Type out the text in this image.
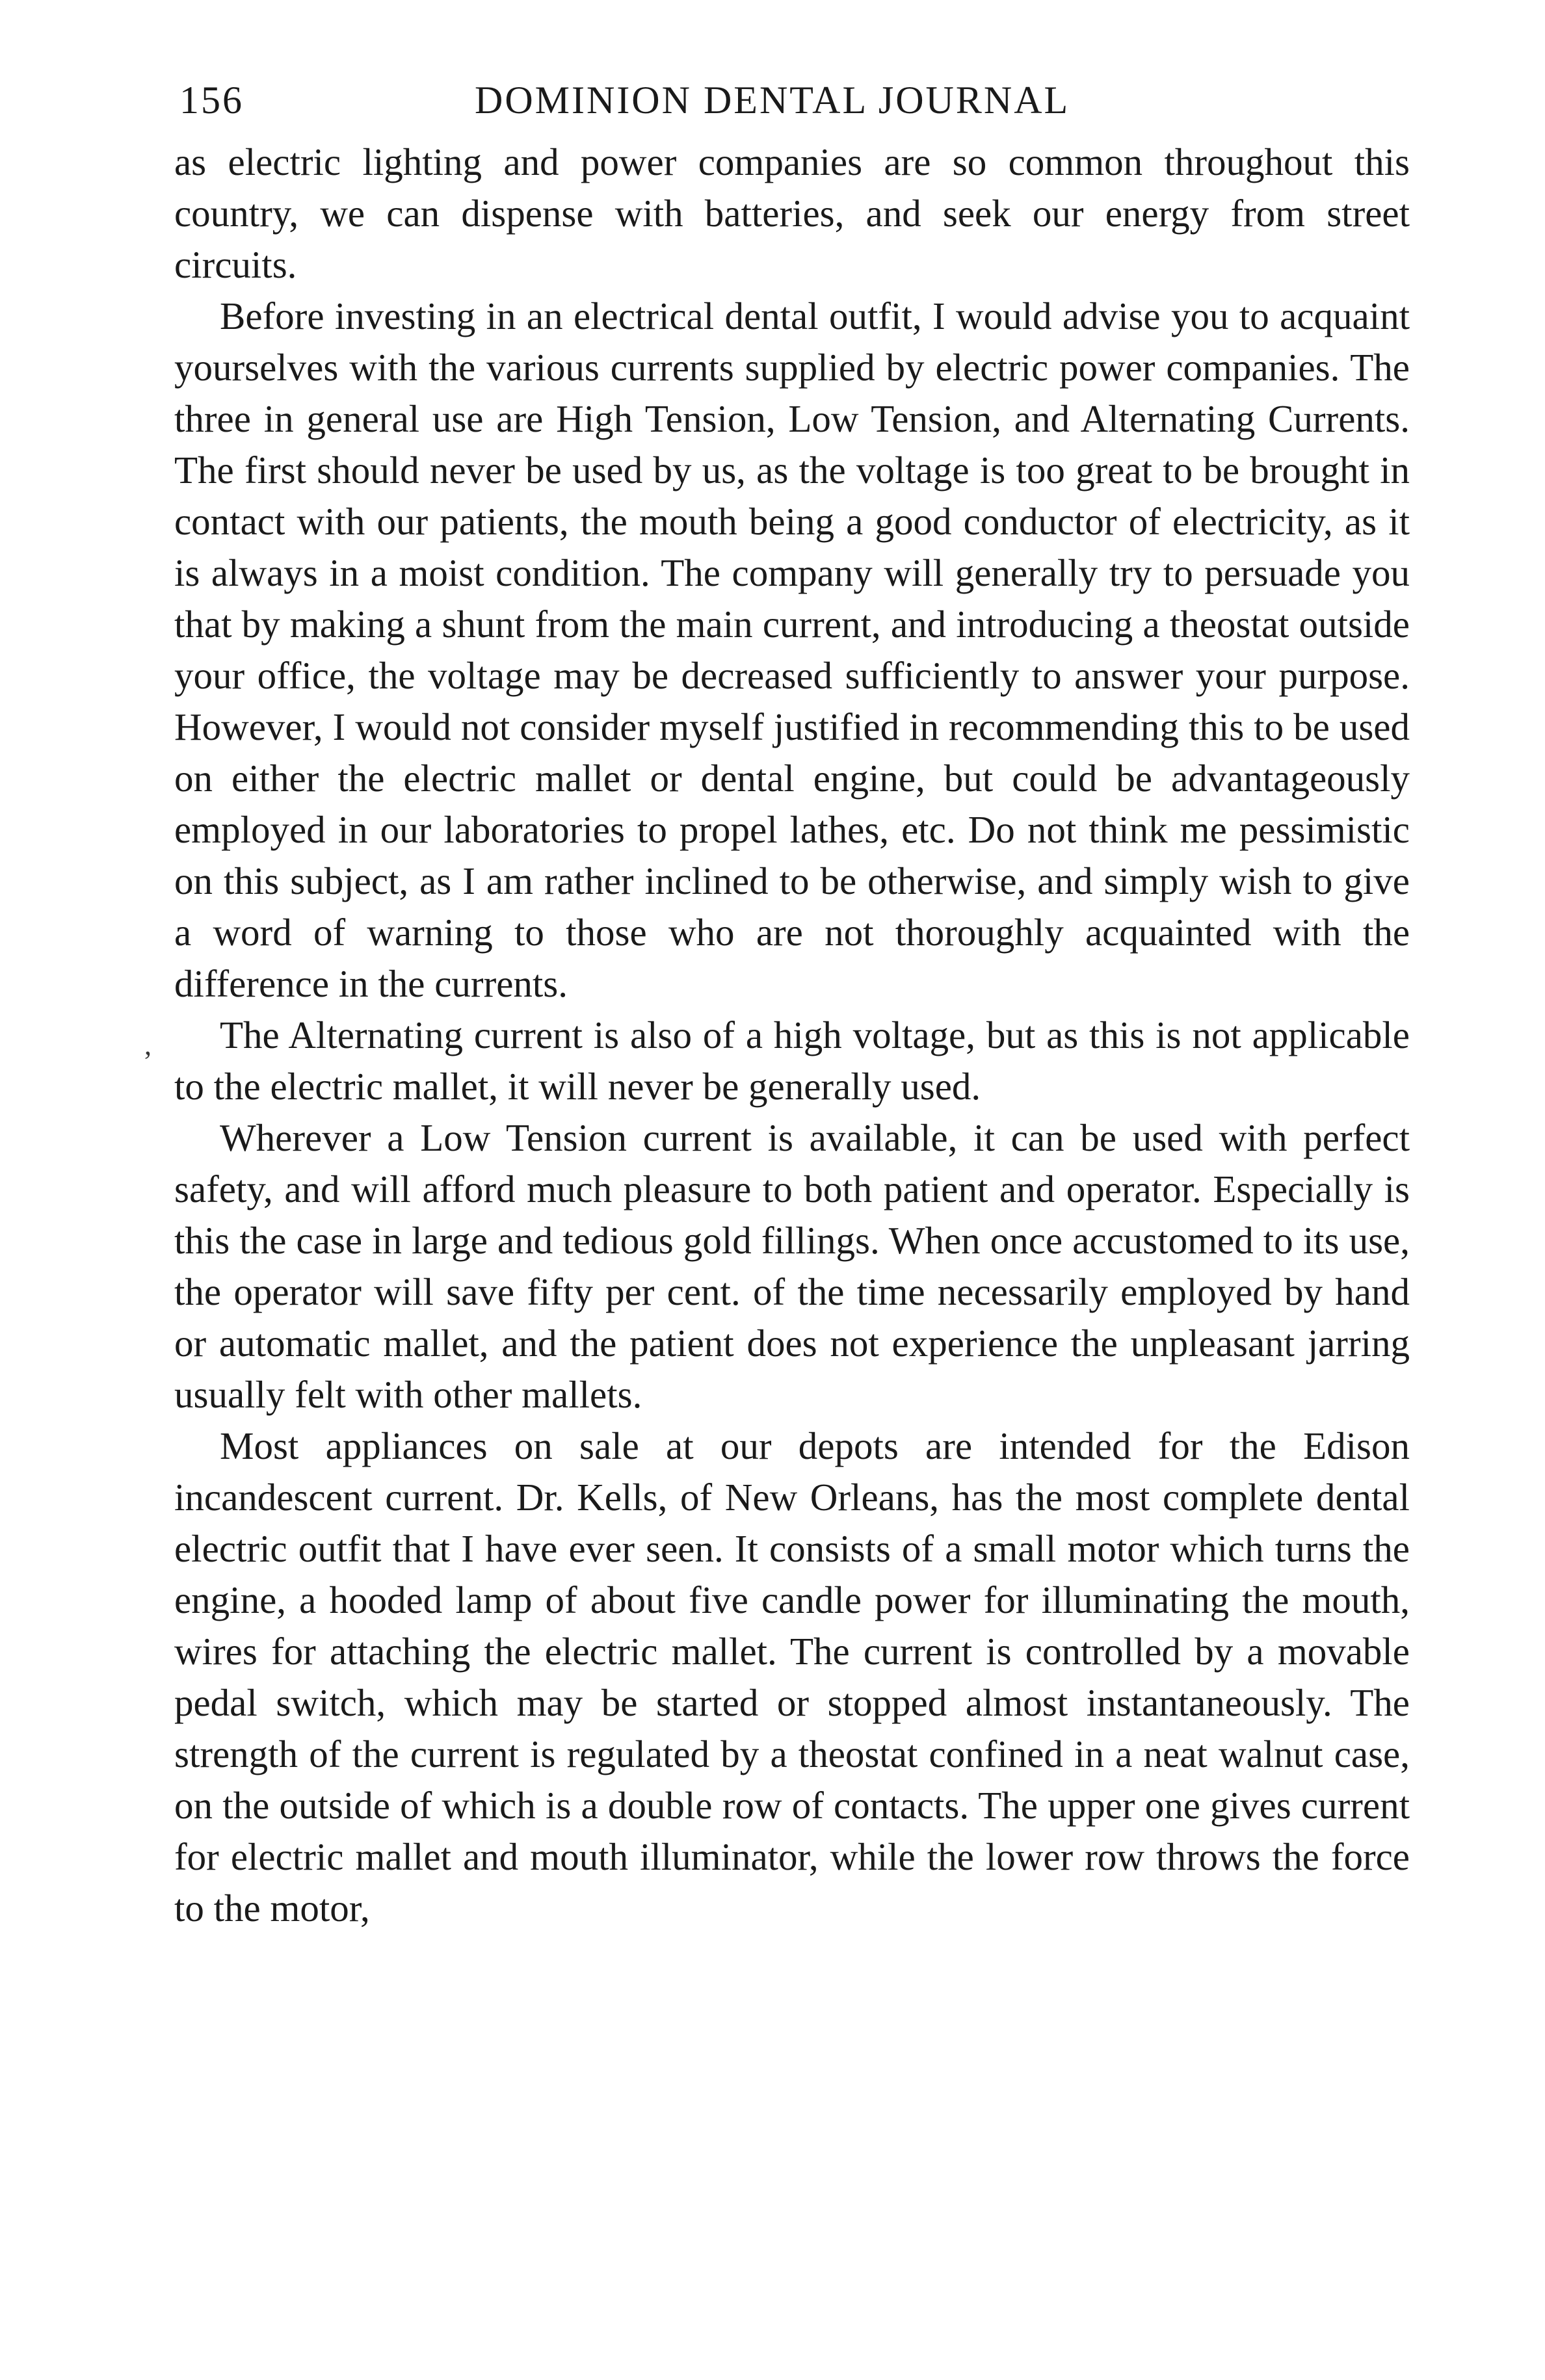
,
156	DOMINION DENTAL JOURNAL

as electric lighting and power companies are so common throughout this country, we can dispense with batteries, and seek our energy from street circuits.

Before investing in an electrical dental outfit, I would advise you to acquaint yourselves with the various currents supplied by electric power companies. The three in general use are High Tension, Low Tension, and Alternating Currents. The first should never be used by us, as the voltage is too great to be brought in contact with our patients, the mouth being a good conductor of electricity, as it is always in a moist condition. The company will generally try to persuade you that by making a shunt from the main current, and introducing a theostat outside your office, the voltage may be decreased sufficiently to answer your purpose. However, I would not consider myself justified in recommending this to be used on either the electric mallet or dental engine, but could be advantageously employed in our laboratories to propel lathes, etc. Do not think me pessimistic on this subject, as I am rather inclined to be otherwise, and simply wish to give a word of warning to those who are not thoroughly acquainted with the difference in the currents.

The Alternating current is also of a high voltage, but as this is not applicable to the electric mallet, it will never be generally used.

Wherever a Low Tension current is available, it can be used with perfect safety, and will afford much pleasure to both patient and operator. Especially is this the case in large and tedious gold fillings. When once accustomed to its use, the operator will save fifty per cent. of the time necessarily employed by hand or automatic mallet, and the patient does not experience the unpleasant jarring usually felt with other mallets.

Most appliances on sale at our depots are intended for the Edison incandescent current. Dr. Kells, of New Orleans, has the most complete dental electric outfit that I have ever seen. It consists of a small motor which turns the engine, a hooded lamp of about five candle power for illuminating the mouth, wires for attaching the electric mallet. The current is controlled by a movable pedal switch, which may be started or stopped almost instantaneously. The strength of the current is regulated by a theostat confined in a neat walnut case, on the outside of which is a double row of contacts. The upper one gives current for electric mallet and mouth illuminator, while the lower row throws the force to the motor,
